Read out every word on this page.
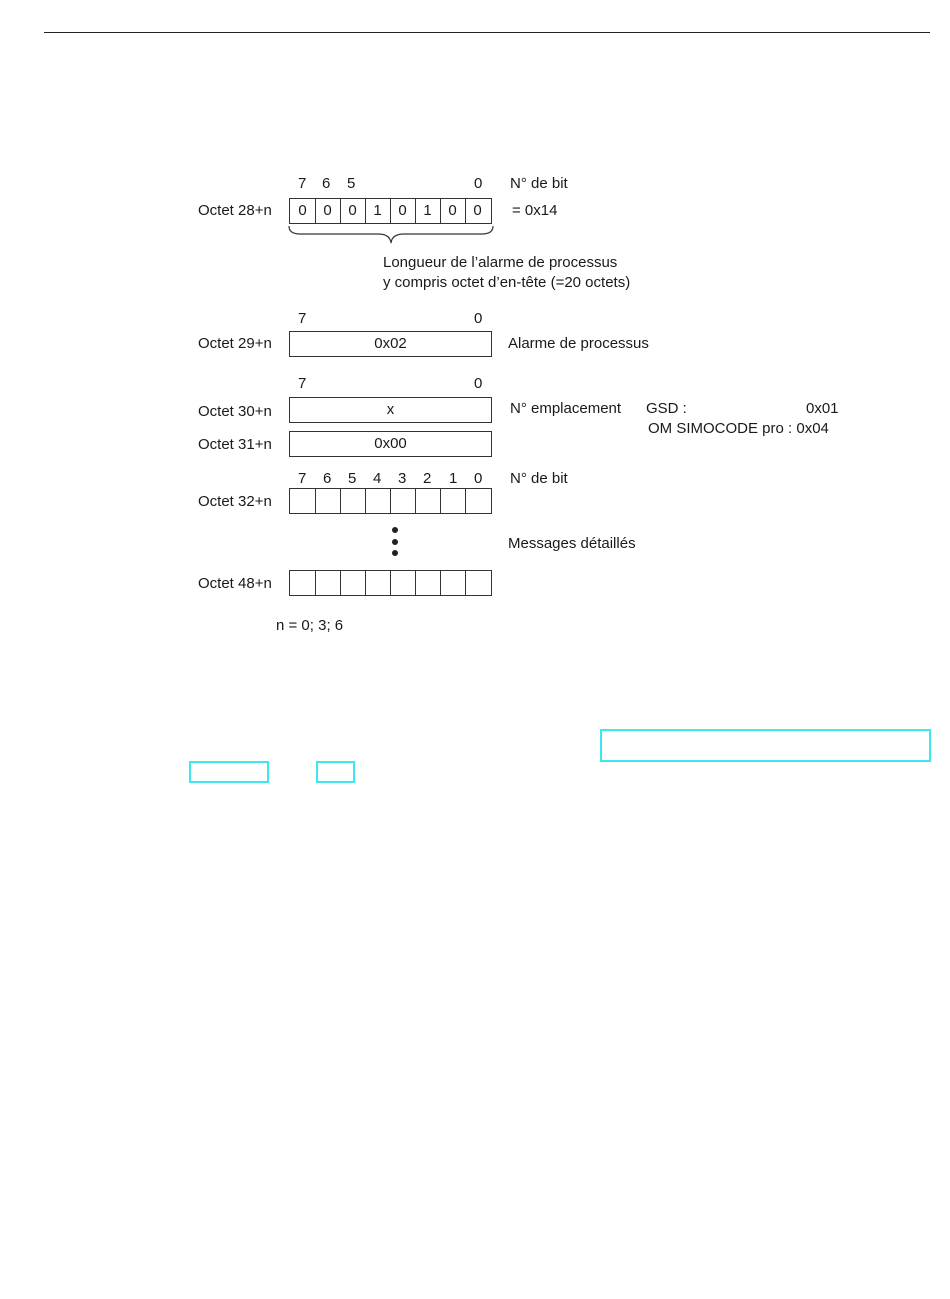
7 6 5	0 N° de bit
Octet 28+n	0	0	0	1	0	1	0	0	= 0x14
Longueur de l’alarme de processus
y compris octet d’en-tête (=20 octets)
7	0
Octet 29+n	0x02	Alarme de processus
7	0
Octet 30+n	x	N° emplacement GSD :	0x01
OM SIMOCODE pro : 0x04
Octet 31+n	0x00
7 6 5 4 3 2 1 0 N° de bit
Octet 32+n
Messages détaillés
Octet 48+n
n = 0; 3; 6
